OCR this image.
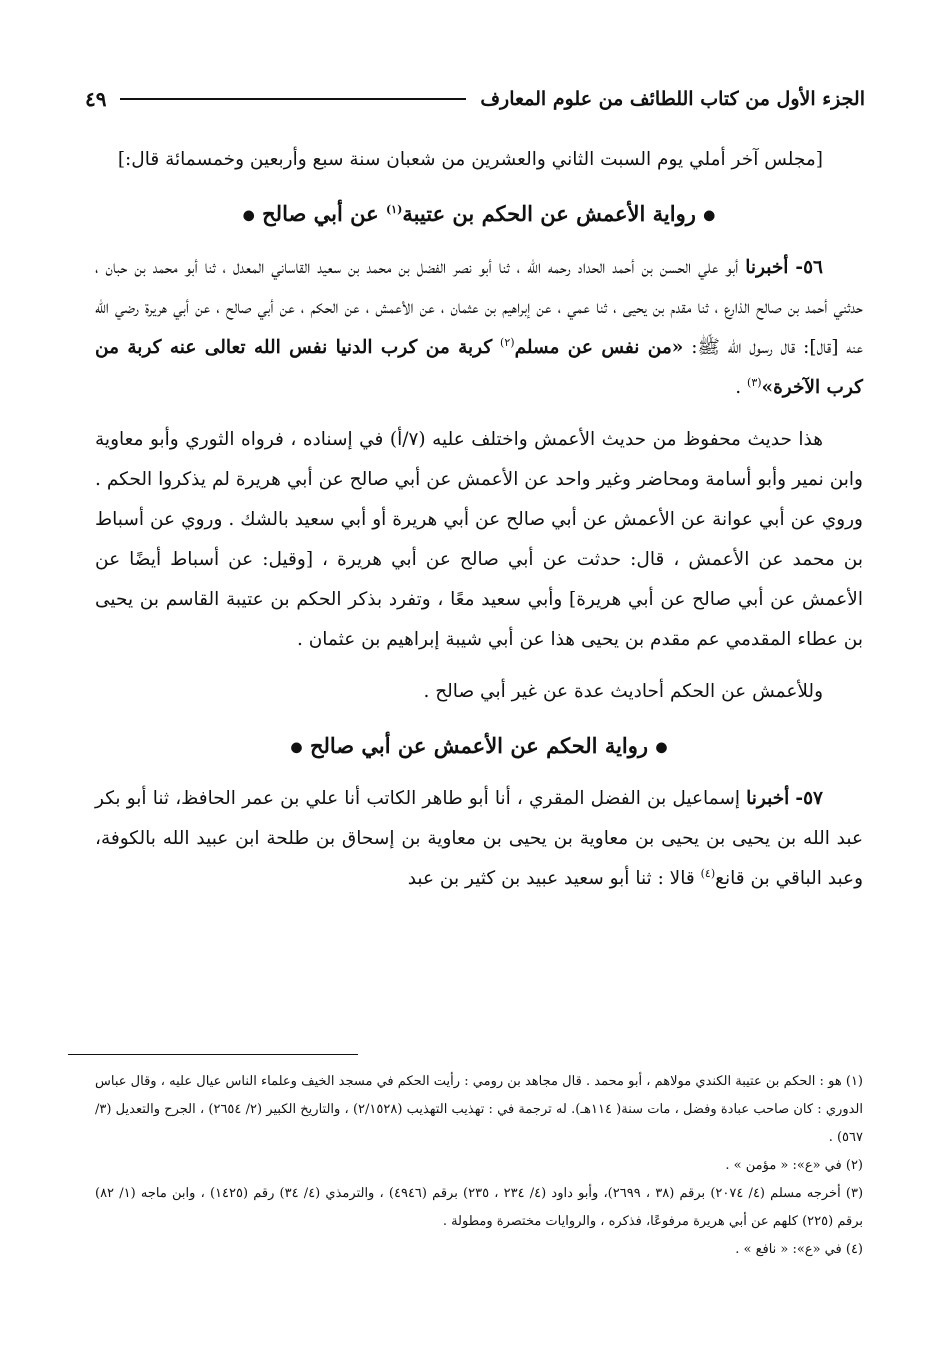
الجزء الأول من كتاب اللطائف من علوم المعارف
٤٩

[مجلس آخر أملي يوم السبت الثاني والعشرين من شعبان سنة سبع وأربعين وخمسمائة قال:]

● رواية الأعمش عن الحكم بن عتيبة$^{(١)}$ عن أبي صالح ●

٥٦- أخبرنا أبو علي الحسن بن أحمد الحداد رحمه الله ، ثنا أبو نصر الفضل بن محمد بن سعيد القاساني المعدل ، ثنا أبو محمد بن حبان ، حدثني أحمد بن صالح الذارع ، ثنا مقدم بن يحيى ، ثنا عمي ، عن إبراهيم بن عثمان ، عن الأعمش ، عن الحكم ، عن أبي صالح ، عن أبي هريرة رضي الله عنه [قال]: قال رسول الله ﷺ: «من نفس عن مسلم$^{(٢)}$ كربة من كرب الدنيا نفس الله تعالى عنه كربة من كرب الآخرة»$^{(٣)}$ .

هذا حديث محفوظ من حديث الأعمش واختلف عليه (٧/أ) في إسناده ، فرواه الثوري وأبو معاوية وابن نمير وأبو أسامة ومحاضر وغير واحد عن الأعمش عن أبي صالح عن أبي هريرة لم يذكروا الحكم . وروي عن أبي عوانة عن الأعمش عن أبي صالح عن أبي هريرة أو أبي سعيد بالشك . وروي عن أسباط بن محمد عن الأعمش ، قال: حدثت عن أبي صالح عن أبي هريرة ، [وقيل: عن أسباط أيضًا عن الأعمش عن أبي صالح عن أبي هريرة] وأبي سعيد معًا ، وتفرد بذكر الحكم بن عتيبة القاسم بن يحيى بن عطاء المقدمي عم مقدم بن يحيى هذا عن أبي شيبة إبراهيم بن عثمان .

وللأعمش عن الحكم أحاديث عدة عن غير أبي صالح .

● رواية الحكم عن الأعمش عن أبي صالح ●

٥٧- أخبرنا إسماعيل بن الفضل المقري ، أنا أبو طاهر الكاتب أنا علي بن عمر الحافظ، ثنا أبو بكر عبد الله بن يحيى بن يحيى بن معاوية بن يحيى بن معاوية بن إسحاق بن طلحة ابن عبيد الله بالكوفة، وعبد الباقي بن قانع$^{(٤)}$ قالا : ثنا أبو سعيد عبيد بن كثير بن عبد

(١) هو : الحكم بن عتيبة الكندي مولاهم ، أبو محمد . قال مجاهد بن رومي : رأيت الحكم في مسجد الخيف وعلماء الناس عيال عليه ، وقال عباس الدوري : كان صاحب عبادة وفضل ، مات سنة( ١١٤هـ). له ترجمة في : تهذيب التهذيب (٢/١٥٢٨) ، والتاريخ الكبير (٢/ ٢٦٥٤) ، الجرح والتعديل (٣/ ٥٦٧) .

(٢) في «ع»: « مؤمن » .

(٣) أخرجه مسلم (٤/ ٢٠٧٤) برقم (٣٨ ، ٢٦٩٩)، وأبو داود (٤/ ٢٣٤ ، ٢٣٥) برقم (٤٩٤٦) ، والترمذي (٤/ ٣٤) رقم (١٤٢٥) ، وابن ماجه (١/ ٨٢) برقم (٢٢٥) كلهم عن أبي هريرة مرفوعًا، فذكره ، والروايات مختصرة ومطولة .

(٤) في «ع»: « نافع » .
